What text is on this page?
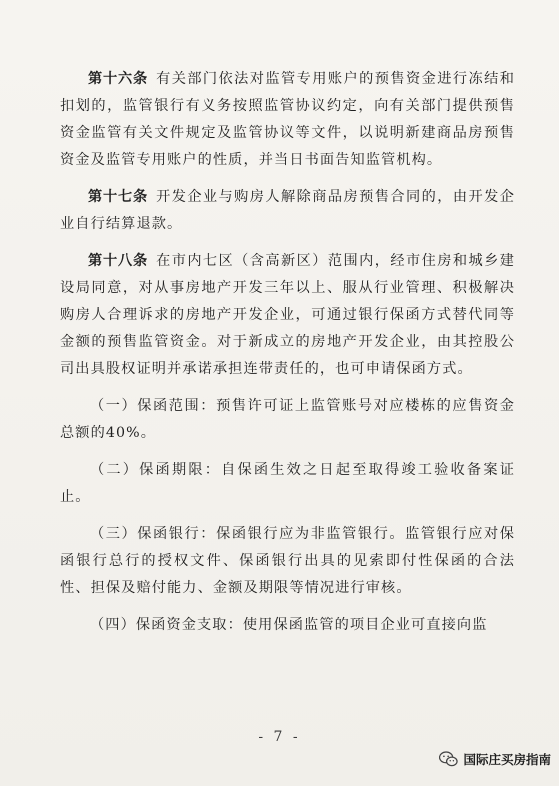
第十六条 有关部门依法对监管专用账户的预售资金进行冻结和扣划的，监管银行有义务按照监管协议约定，向有关部门提供预售资金监管有关文件规定及监管协议等文件，以说明新建商品房预售资金及监管专用账户的性质，并当日书面告知监管机构。

第十七条 开发企业与购房人解除商品房预售合同的，由开发企业自行结算退款。

第十八条 在市内七区（含高新区）范围内，经市住房和城乡建设局同意，对从事房地产开发三年以上、服从行业管理、积极解决购房人合理诉求的房地产开发企业，可通过银行保函方式替代同等金额的预售监管资金。对于新成立的房地产开发企业，由其控股公司出具股权证明并承诺承担连带责任的，也可申请保函方式。

（一）保函范围：预售许可证上监管账号对应楼栋的应售资金总额的40%。

（二）保函期限：自保函生效之日起至取得竣工验收备案证止。

（三）保函银行：保函银行应为非监管银行。监管银行应对保函银行总行的授权文件、保函银行出具的见索即付性保函的合法性、担保及赔付能力、金额及期限等情况进行审核。

（四）保函资金支取：使用保函监管的项目企业可直接向监

- 7 -
国际庄买房指南
